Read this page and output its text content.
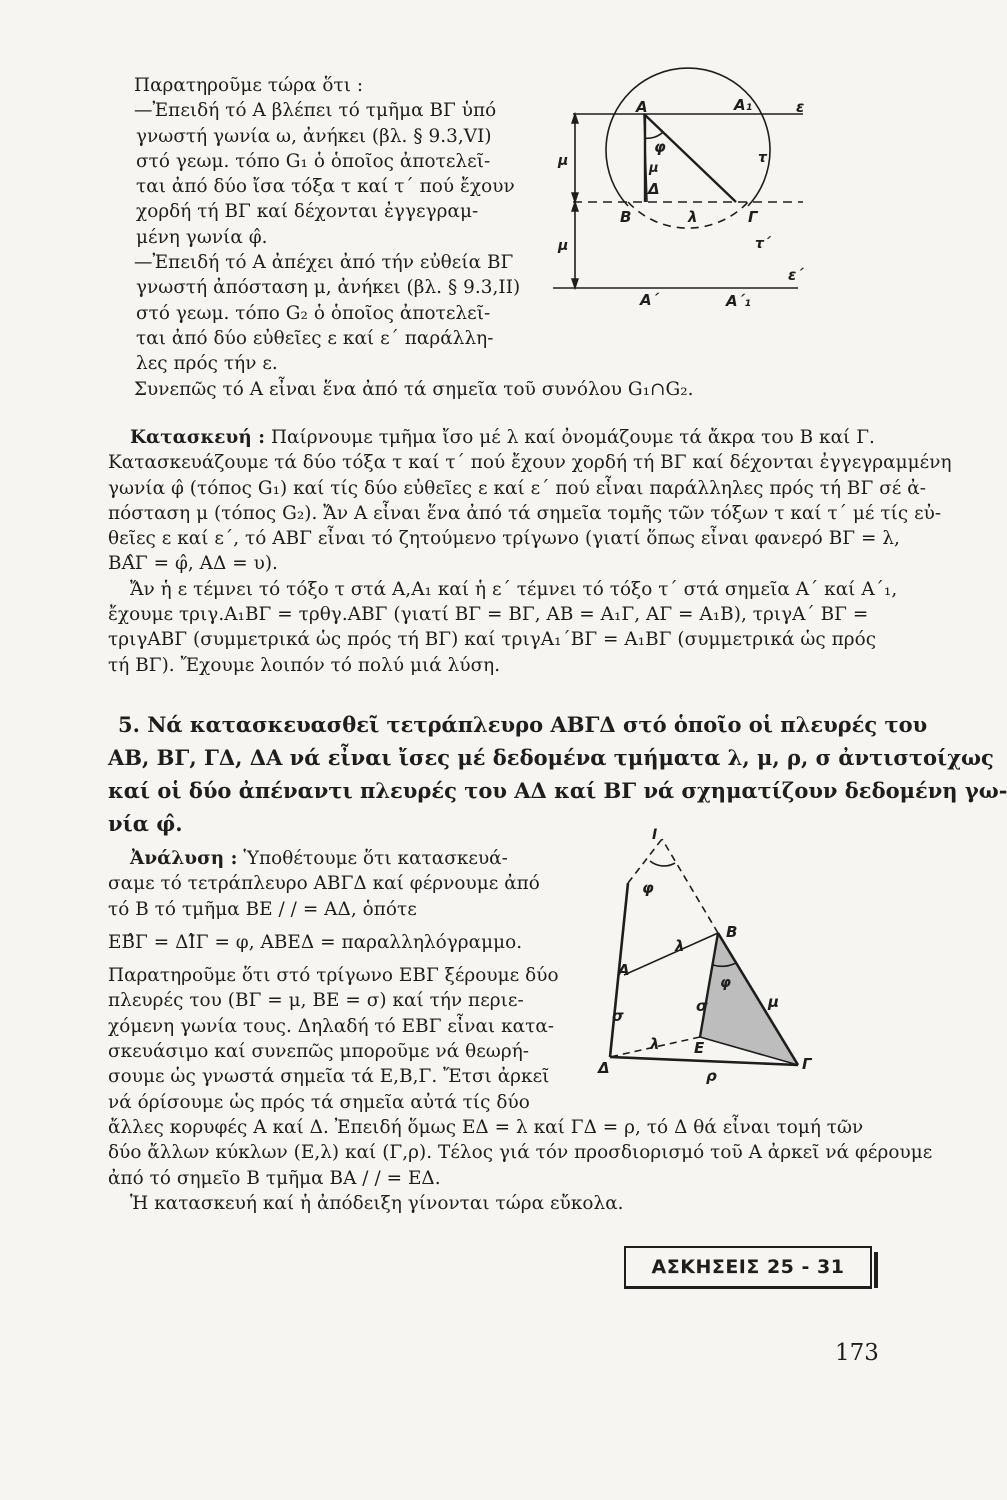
Παρατηροῦμε τώρα ὅτι :

—Ἐπειδή τό Α βλέπει τό τμῆμα ΒΓ ὑπό

γνωστή γωνία ω, ἀνήκει (βλ. § 9.3,VI)

στό γεωμ. τόπο G₁ ὁ ὁποῖος ἀποτελεῖ-

ται ἀπό δύο ἴσα τόξα τ καί τ΄ πού ἔχουν

χορδή τή ΒΓ καί δέχονται ἐγγεγραμ-

μένη γωνία φ̂.

—Ἐπειδή τό Α ἀπέχει ἀπό τήν εὐθεία ΒΓ

γνωστή ἀπόσταση μ, ἀνήκει (βλ. § 9.3,ΙΙ)

στό γεωμ. τόπο G₂ ὁ ὁποῖος ἀποτελεῖ-

ται ἀπό δύο εὐθεῖες ε καί ε΄ παράλλη-

λες πρός τήν ε.

Συνεπῶς τό Α εἶναι ἕνα ἀπό τά σημεῖα τοῦ συνόλου G₁∩G₂.

Α	Α₁	ε
φ
μ
τ
Δ
Β	λ	Γ
τ΄
ε΄
Α΄	Α΄₁
μ
μ

Κατασκευή : Παίρνουμε τμῆμα ἴσο μέ λ καί ὀνομάζουμε τά ἄκρα του Β καί Γ.

Κατασκευάζουμε τά δύο τόξα τ καί τ΄ πού ἔχουν χορδή τή ΒΓ καί δέχονται ἐγγεγραμμένη

γωνία φ̂ (τόπος G₁) καί τίς δύο εὐθεῖες ε καί ε΄ πού εἶναι παράλληλες πρός τή ΒΓ σέ ἀ-

πόσταση μ (τόπος G₂). Ἄν Α εἶναι ἕνα ἀπό τά σημεῖα τομῆς τῶν τόξων τ καί τ΄ μέ τίς εὐ-

θεῖες ε καί ε΄, τό ΑΒΓ εἶναι τό ζητούμενο τρίγωνο (γιατί ὅπως εἶναι φανερό ΒΓ = λ,

ΒΑ̂Γ = φ̂, ΑΔ = υ).

Ἄν ἡ ε τέμνει τό τόξο τ στά Α,Α₁ καί ἡ ε΄ τέμνει τό τόξο τ΄ στά σημεῖα Α΄ καί Α΄₁,

ἔχουμε τριγ.Α₁ΒΓ = τρθγ.ΑΒΓ (γιατί ΒΓ = ΒΓ, ΑΒ = Α₁Γ, ΑΓ = Α₁Β), τριγΑ΄ ΒΓ =

τριγΑΒΓ (συμμετρικά ὡς πρός τή ΒΓ) καί τριγΑ₁΄ΒΓ = Α₁ΒΓ (συμμετρικά ὡς πρός

τή ΒΓ). Ἔχουμε λοιπόν τό πολύ μιά λύση.

5. Νά κατασκευασθεῖ τετράπλευρο ΑΒΓΔ στό ὁποῖο οἱ πλευρές του

ΑΒ, ΒΓ, ΓΔ, ΔΑ νά εἶναι ἴσες μέ δεδομένα τμήματα λ, μ, ρ, σ ἀντιστοίχως

καί οἱ δύο ἀπέναντι πλευρές του ΑΔ καί ΒΓ νά σχηματίζουν δεδομένη γω-

νία φ̂.

Ἀνάλυση : Ὑποθέτουμε ὅτι κατασκευά-

σαμε τό τετράπλευρο ΑΒΓΔ καί φέρνουμε ἀπό

τό Β τό τμῆμα ΒΕ / / = ΑΔ, ὁπότε

ΕΒ̂Γ = ΔΙ̂Γ = φ, ΑΒΕΔ = παραλληλόγραμμο.

Παρατηροῦμε ὅτι στό τρίγωνο ΕΒΓ ξέρουμε δύο

πλευρές του (ΒΓ = μ, ΒΕ = σ) καί τήν περιε-

χόμενη γωνία τους. Δηλαδή τό ΕΒΓ εἶναι κατα-

σκευάσιμο καί συνεπῶς μποροῦμε νά θεωρή-

σουμε ὡς γνωστά σημεῖα τά Ε,Β,Γ. Ἔτσι ἀρκεῖ

νά όρίσουμε ὡς πρός τά σημεῖα αὐτά τίς δύο

ἄλλες κορυφές Α καί Δ. Ἐπειδή ὅμως ΕΔ = λ καί ΓΔ = ρ, τό Δ θά εἶναι τομή τῶν

δύο ἄλλων κύκλων (Ε,λ) καί (Γ,ρ). Τέλος γιά τόν προσδιορισμό τοῦ Α ἀρκεῖ νά φέρουμε

ἀπό τό σημεῖο Β τμῆμα ΒΑ / / = ΕΔ.

Ἡ κατασκευή καί ἡ ἀπόδειξη γίνονται τώρα εὔκολα.

Ι
φ
λ
Β
Α
φ
μ
σ
σ
λ Ε
Δ	Γ
ρ
ΑΣΚΗΣΕΙΣ 25 - 31
173
